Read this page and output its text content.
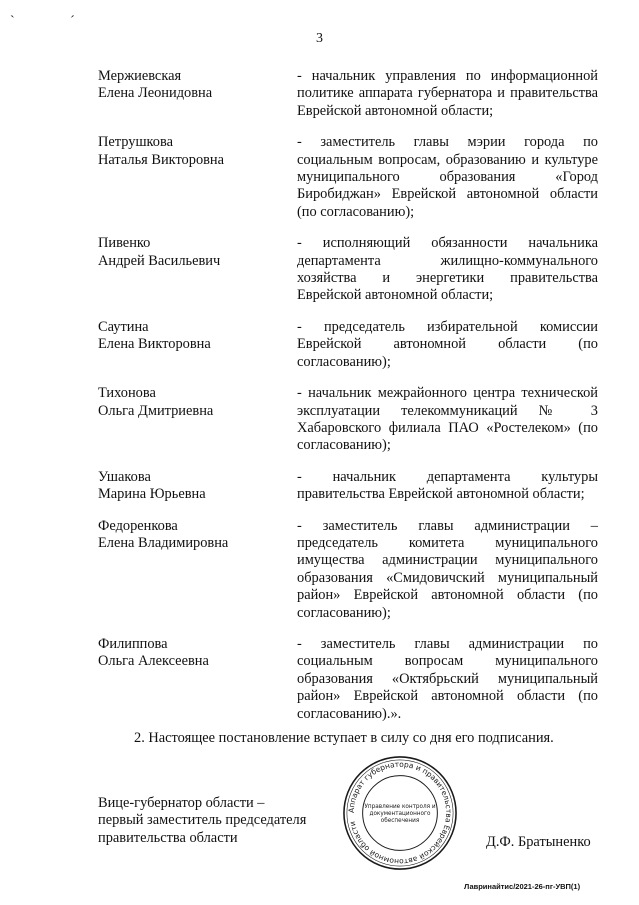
` ´
3
Мержиевская
Елена Леонидовна
- начальник управления по информационной политике аппарата губернатора и правительства Еврейской автономной области;
Петрушкова
Наталья Викторовна
- заместитель главы мэрии города по социальным вопросам, образованию и культуре муниципального образования «Город Биробиджан» Еврейской автономной области (по согласованию);
Пивенко
Андрей Васильевич
- исполняющий обязанности начальника департамента жилищно-коммунального хозяйства и энергетики правительства Еврейской автономной области;
Саутина
Елена Викторовна
- председатель избирательной комиссии Еврейской автономной области (по согласованию);
Тихонова
Ольга Дмитриевна
- начальник межрайонного центра технической эксплуатации телекоммуникаций № 3 Хабаровского филиала ПАО «Ростелеком» (по согласованию);
Ушакова
Марина Юрьевна
- начальник департамента культуры правительства Еврейской автономной области;
Федоренкова
Елена Владимировна
- заместитель главы администрации – председатель комитета муниципального имущества администрации муниципального образования «Смидовичский муниципальный район» Еврейской автономной области (по согласованию);
Филиппова
Ольга Алексеевна
- заместитель главы администрации по социальным вопросам муниципального образования «Октябрьский муниципальный район» Еврейской автономной области (по согласованию).».
2. Настоящее постановление вступает в силу со дня его подписания.
Вице-губернатор области –
первый заместитель председателя
правительства области
Аппарат губернатора и правительства Еврейской автономной области
Управление контроля и
документационного
обеспечения
Д.Ф. Братыненко
Лавринайтис/2021-26-пг-УВП(1)
